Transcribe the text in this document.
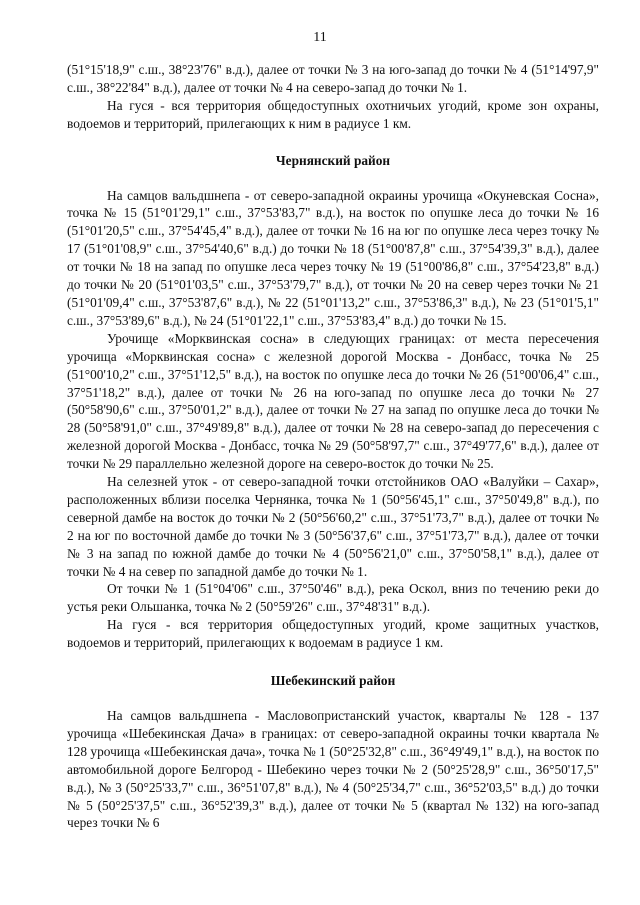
11

(51°15'18,9" с.ш., 38°23'76" в.д.), далее от точки № 3 на юго-запад до точки № 4 (51°14'97,9" с.ш., 38°22'84" в.д.), далее от точки № 4 на северо-запад до точки № 1.

На гуся - вся территория общедоступных охотничьих угодий, кроме зон охраны, водоемов и территорий, прилегающих к ним в радиусе 1 км.

Чернянский район

На самцов вальдшнепа - от северо-западной окраины урочища «Окуневская Сосна», точка № 15 (51°01'29,1" с.ш., 37°53'83,7" в.д.), на восток по опушке леса до точки № 16 (51°01'20,5" с.ш., 37°54'45,4" в.д.), далее от точки № 16 на юг по опушке леса через точку № 17 (51°01'08,9" с.ш., 37°54'40,6" в.д.) до точки № 18 (51°00'87,8" с.ш., 37°54'39,3" в.д.), далее от точки № 18 на запад по опушке леса через точку № 19 (51°00'86,8" с.ш., 37°54'23,8" в.д.) до точки № 20 (51°01'03,5" с.ш., 37°53'79,7" в.д.), от точки № 20 на север через точки № 21 (51°01'09,4" с.ш., 37°53'87,6" в.д.), № 22 (51°01'13,2" с.ш., 37°53'86,3" в.д.), № 23 (51°01'5,1" с.ш., 37°53'89,6" в.д.), № 24 (51°01'22,1" с.ш., 37°53'83,4" в.д.) до точки № 15.

Урочище «Морквинская сосна» в следующих границах: от места пересечения урочища «Морквинская сосна» с железной дорогой Москва - Донбасс, точка № 25 (51°00'10,2" с.ш., 37°51'12,5" в.д.), на восток по опушке леса до точки № 26 (51°00'06,4" с.ш., 37°51'18,2" в.д.), далее от точки № 26 на юго-запад по опушке леса до точки № 27 (50°58'90,6" с.ш., 37°50'01,2" в.д.), далее от точки № 27 на запад по опушке леса до точки № 28 (50°58'91,0" с.ш., 37°49'89,8" в.д.), далее от точки № 28 на северо-запад до пересечения с железной дорогой Москва - Донбасс, точка № 29 (50°58'97,7" с.ш., 37°49'77,6" в.д.), далее от точки № 29 параллельно железной дороге на северо-восток до точки № 25.

На селезней уток - от северо-западной точки отстойников ОАО «Валуйки – Сахар», расположенных вблизи поселка Чернянка, точка № 1 (50°56'45,1" с.ш., 37°50'49,8" в.д.), по северной дамбе на восток до точки № 2 (50°56'60,2" с.ш., 37°51'73,7" в.д.), далее от точки № 2 на юг по восточной дамбе до точки № 3 (50°56'37,6" с.ш., 37°51'73,7" в.д.), далее от точки № 3 на запад по южной дамбе до точки № 4 (50°56'21,0" с.ш., 37°50'58,1" в.д.), далее от точки № 4 на север по западной дамбе до точки № 1.

От точки № 1 (51°04'06" с.ш., 37°50'46" в.д.), река Оскол, вниз по течению реки до устья реки Ольшанка, точка № 2 (50°59'26" с.ш., 37°48'31" в.д.).

На гуся - вся территория общедоступных угодий, кроме защитных участков, водоемов и территорий, прилегающих к водоемам в радиусе 1 км.

Шебекинский район

На самцов вальдшнепа - Масловопристанский участок, кварталы № 128 - 137 урочища «Шебекинская Дача» в границах: от северо-западной окраины точки квартала № 128 урочища «Шебекинская дача», точка № 1 (50°25'32,8" с.ш., 36°49'49,1" в.д.), на восток по автомобильной дороге Белгород - Шебекино через точки № 2 (50°25'28,9" с.ш., 36°50'17,5" в.д.), № 3 (50°25'33,7" с.ш., 36°51'07,8" в.д.), № 4 (50°25'34,7" с.ш., 36°52'03,5" в.д.) до точки № 5 (50°25'37,5" с.ш., 36°52'39,3" в.д.), далее от точки № 5 (квартал № 132) на юго-запад через точки № 6
